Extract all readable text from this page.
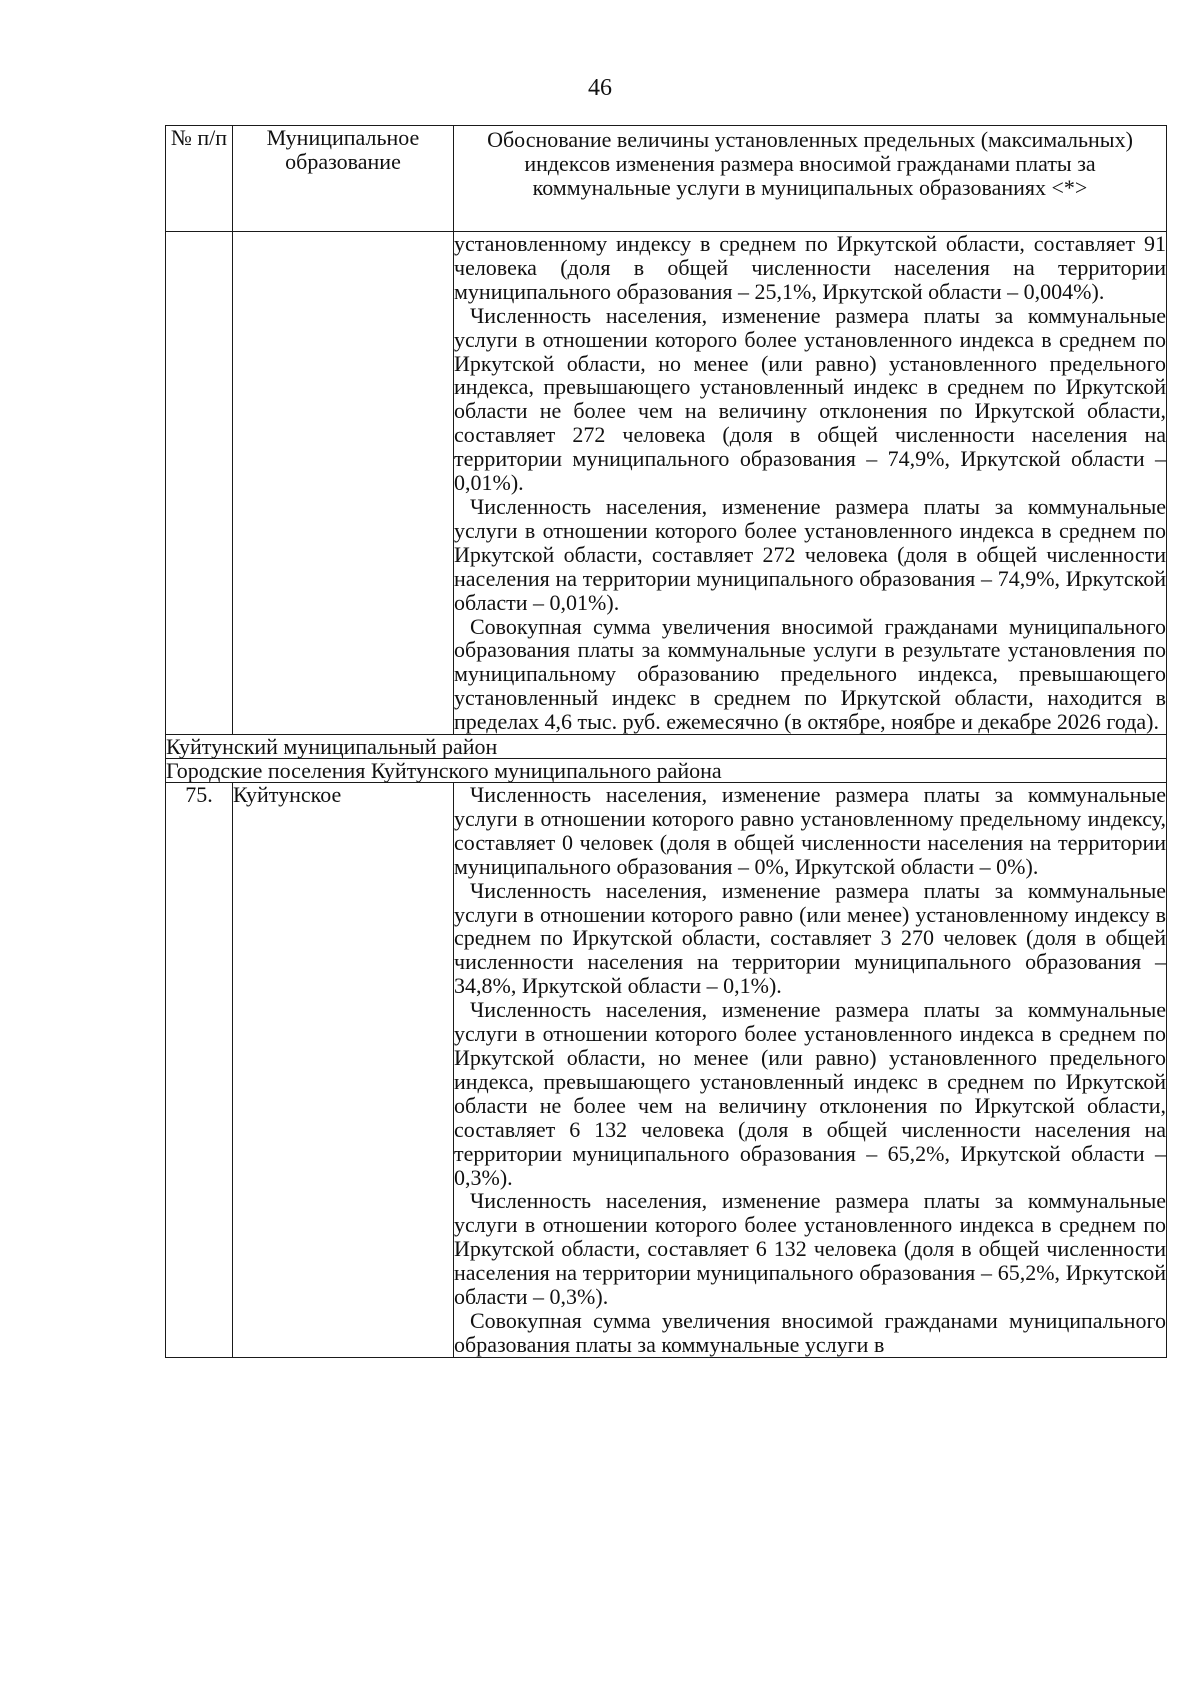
46
№ п/п	Муниципальное образование	Обоснование величины установленных предельных (максимальных) индексов изменения размера вносимой гражданами платы за коммунальные услуги в муниципальных образованиях <*>

		установленному индексу в среднем по Иркутской области, составляет 91 человека (доля в общей численности населения на территории муниципального образования – 25,1%, Иркутской области – 0,004%).

Численность населения, изменение размера платы за коммунальные услуги в отношении которого более установленного индекса в среднем по Иркутской области, но менее (или равно) установленного предельного индекса, превышающего установленный индекс в среднем по Иркутской области не более чем на величину отклонения по Иркутской области, составляет 272 человека (доля в общей численности населения на территории муниципального образования – 74,9%, Иркутской области – 0,01%).

Численность населения, изменение размера платы за коммунальные услуги в отношении которого более установленного индекса в среднем по Иркутской области, составляет 272 человека (доля в общей численности населения на территории муниципального образования – 74,9%, Иркутской области – 0,01%).

Совокупная сумма увеличения вносимой гражданами муниципального образования платы за коммунальные услуги в результате установления по муниципальному образованию предельного индекса, превышающего установленный индекс в среднем по Иркутской области, находится в пределах 4,6 тыс. руб. ежемесячно (в октябре, ноябре и декабре 2026 года).

Куйтунский муниципальный район		
Городские поселения Куйтунского муниципального района		
75.	Куйтунское	Численность населения, изменение размера платы за коммунальные услуги в отношении которого равно установленному предельному индексу, составляет 0 человек (доля в общей численности населения на территории муниципального образования – 0%, Иркутской области – 0%).

Численность населения, изменение размера платы за коммунальные услуги в отношении которого равно (или менее) установленному индексу в среднем по Иркутской области, составляет 3 270 человек (доля в общей численности населения на территории муниципального образования – 34,8%, Иркутской области – 0,1%).

Численность населения, изменение размера платы за коммунальные услуги в отношении которого более установленного индекса в среднем по Иркутской области, но менее (или равно) установленного предельного индекса, превышающего установленный индекс в среднем по Иркутской области не более чем на величину отклонения по Иркутской области, составляет 6 132 человека (доля в общей численности населения на территории муниципального образования – 65,2%, Иркутской области – 0,3%).

Численность населения, изменение размера платы за коммунальные услуги в отношении которого более установленного индекса в среднем по Иркутской области, составляет 6 132 человека (доля в общей численности населения на территории муниципального образования – 65,2%, Иркутской области – 0,3%).

Совокупная сумма увеличения вносимой гражданами муниципального образования платы за коммунальные услуги в
